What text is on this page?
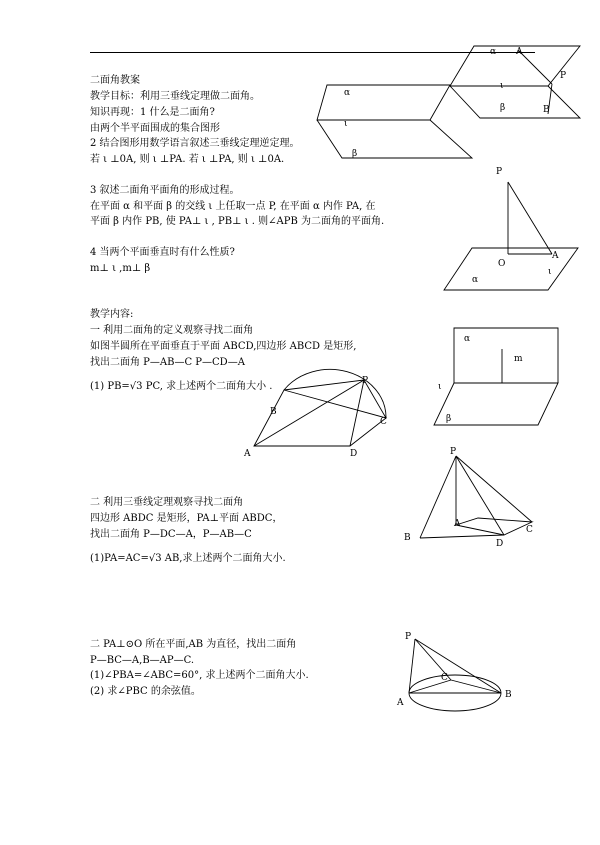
二面角教案
教学目标：利用三垂线定理做二面角。
知识再现：1 什么是二面角?
由两个半平面围成的集合图形
2 结合图形用数学语言叙述三垂线定理逆定理。
若 ι ⊥0A, 则 ι ⊥PA. 若 ι ⊥PA, 则 ι ⊥0A.
3 叙述二面角平面角的形成过程。
在平面 α 和平面 β 的交线 ι 上任取一点 P, 在平面 α 内作 PA, 在
平面 β 内作 PB, 使 PA⊥ ι , PB⊥ ι . 则∠APB 为二面角的平面角.
4 当两个平面垂直时有什么性质?
m⊥ ι ,m⊥ β
教学内容:
一 利用二面角的定义观察寻找二面角
如图半圆所在平面垂直于平面 ABCD,四边形 ABCD 是矩形,
找出二面角 P—AB—C P—CD—A
(1) PB=√3 PC, 求上述两个二面角大小 .
二 利用三垂线定理观察寻找二面角
四边形 ABDC 是矩形，PA⊥平面 ABDC，
找出二面角 P—DC—A，P—AB—C
(1)PA=AC=√3 AB,求上述两个二面角大小.
二 PA⊥⊙O 所在平面,AB 为直径，找出二面角
P—BC—A,B—AP—C.
(1)∠PBA=∠ABC=60°, 求上述两个二面角大小.
(2) 求∠PBC 的余弦值。
α A
P
ι
β	B
α
ι
β
P
O
A
ι
α
α
m
ι
β
P
B
C
A	D	P
A
C
D
B
P
C
B
A
